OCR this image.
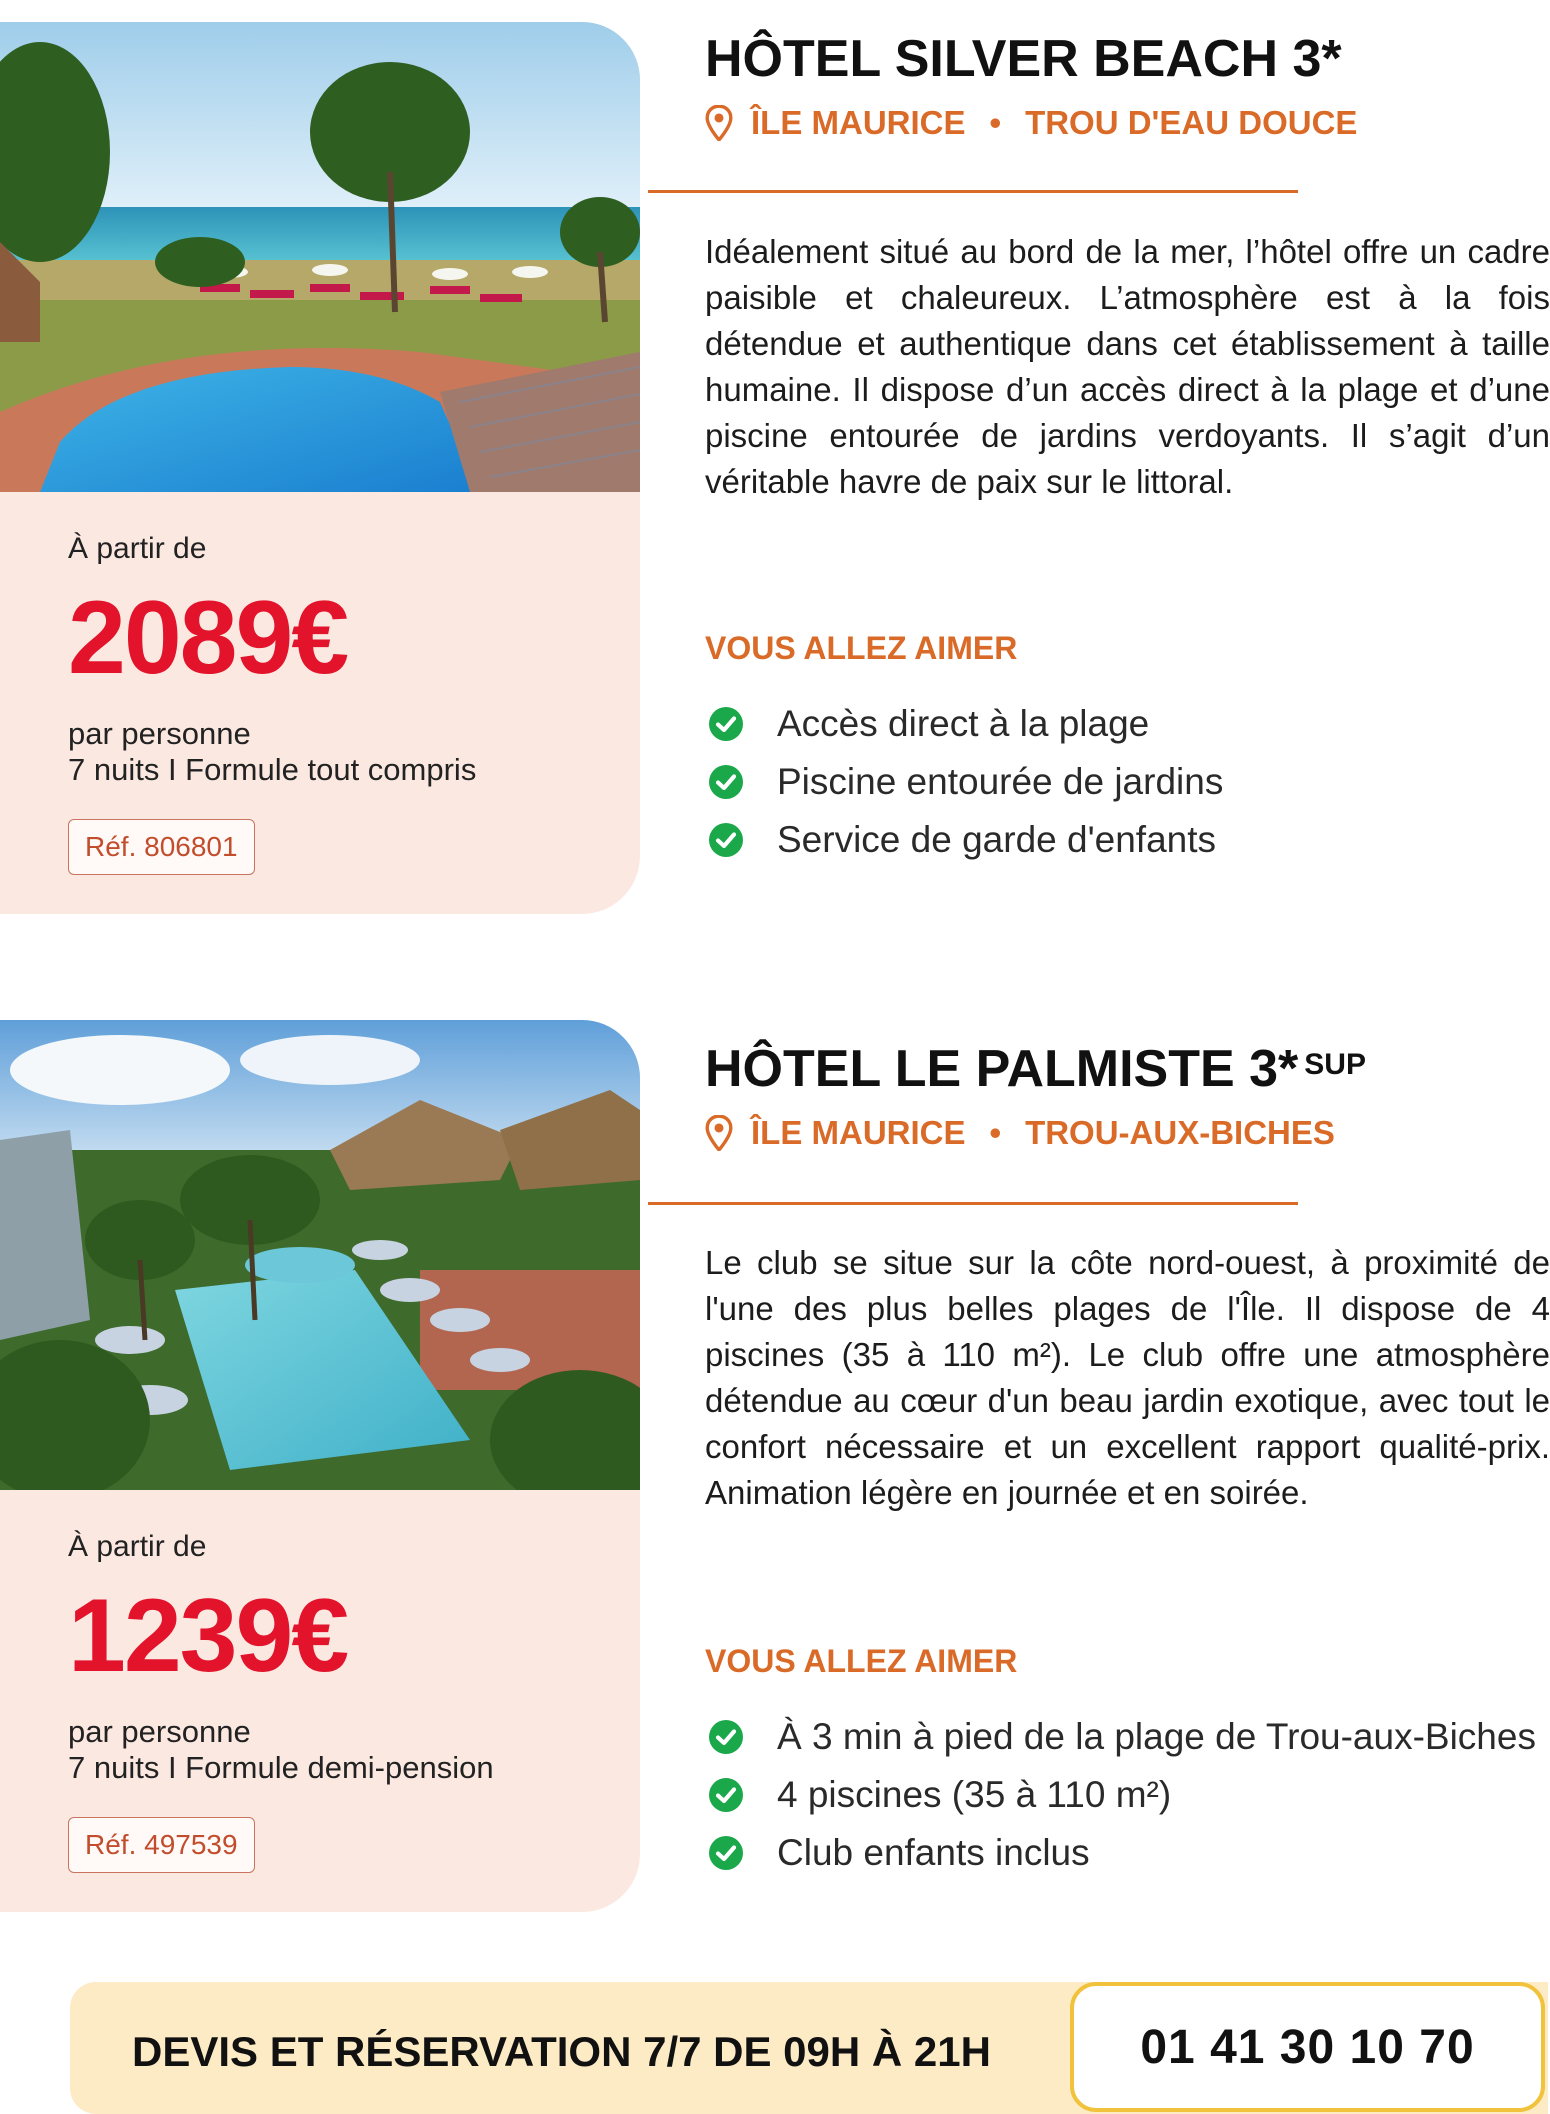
À partir de

2089€
par personne
7 nuits I Formule tout compris
Réf. 806801
HÔTEL SILVER BEACH 3*
ÎLE MAURICE • TROU D'EAU DOUCE

Idéalement situé au bord de la mer, l’hôtel offre un cadre paisible et chaleureux. L’atmosphère est à la fois détendue et authentique dans cet établissement à taille humaine. Il dispose d’un accès direct à la plage et d’une piscine entourée de jardins verdoyants. Il s’agit d’un véritable havre de paix sur le littoral.

VOUS ALLEZ AIMER

Accès direct à la plage
Piscine entourée de jardins
Service de garde d'enfants

À partir de

1239€
par personne
7 nuits I Formule demi-pension
Réf. 497539
HÔTEL LE PALMISTE 3* $^{SUP}$
ÎLE MAURICE • TROU-AUX-BICHES

Le club se situe sur la côte nord-ouest, à proximité de l'une des plus belles plages de l'Île. Il dispose de 4 piscines (35 à 110 m²). Le club offre une atmosphère détendue au cœur d'un beau jardin exotique, avec tout le confort nécessaire et un excellent rapport qualité-prix. Animation légère en journée et en soirée.

VOUS ALLEZ AIMER

À 3 min à pied de la plage de Trou-aux-Biches
4 piscines (35 à 110 m²)
Club enfants inclus
DEVIS ET RÉSERVATION 7/7 DE 09H À 21H	01 41 30 10 70
